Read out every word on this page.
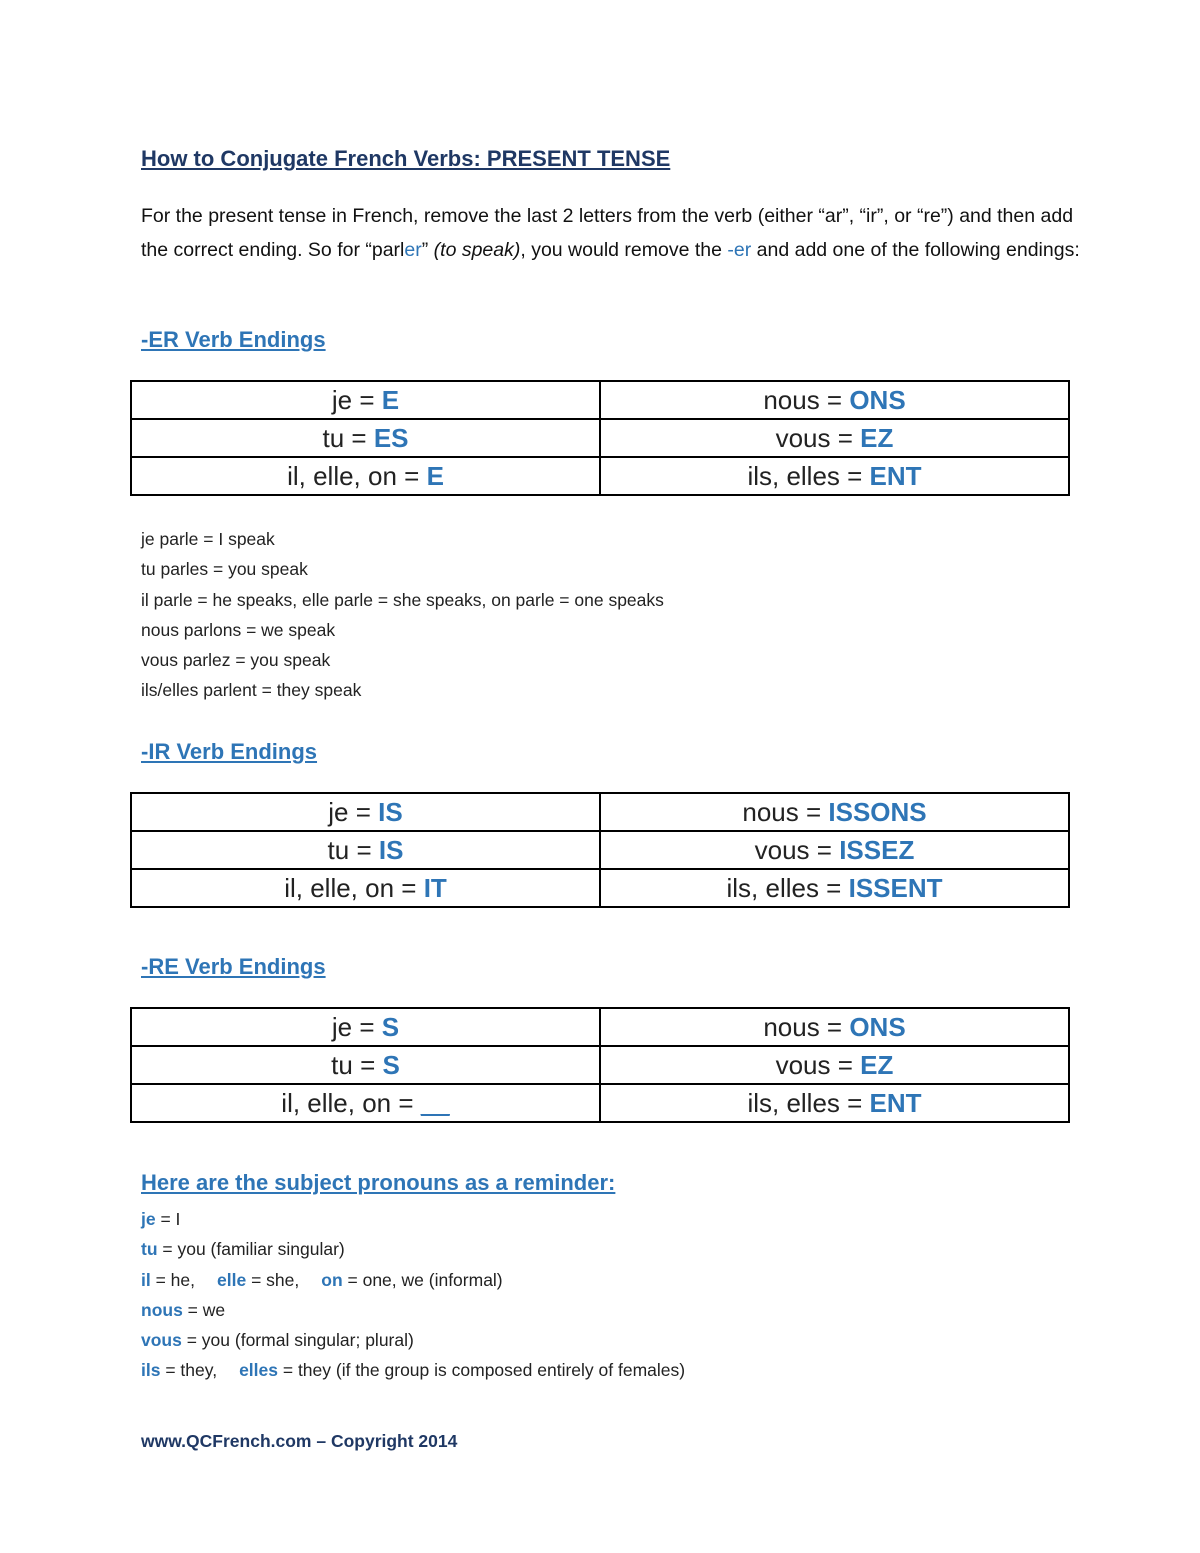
How to Conjugate French Verbs: PRESENT TENSE

For the present tense in French, remove the last 2 letters from the verb (either “ar”, “ir”, or “re”) and then add the correct ending. So for “parler” (to speak), you would remove the -er and add one of the following endings:

-ER Verb Endings
je = E	nous = ONS
tu = ES	vous = EZ
il, elle, on = E	ils, elles = ENT
je parle = I speak
tu parles = you speak
il parle = he speaks, elle parle = she speaks, on parle = one speaks
nous parlons = we speak
vous parlez = you speak
ils/elles parlent = they speak
-IR Verb Endings
je = IS	nous = ISSONS
tu = IS	vous = ISSEZ
il, elle, on = IT	ils, elles = ISSENT
-RE Verb Endings
je = S	nous = ONS
tu = S	vous = EZ
il, elle, on = __	ils, elles = ENT
Here are the subject pronouns as a reminder:
je = I
tu = you (familiar singular)
il = he, elle = she, on = one, we (informal)
nous = we
vous = you (formal singular; plural)
ils = they, elles = they (if the group is composed entirely of females)

www.QCFrench.com – Copyright 2014
